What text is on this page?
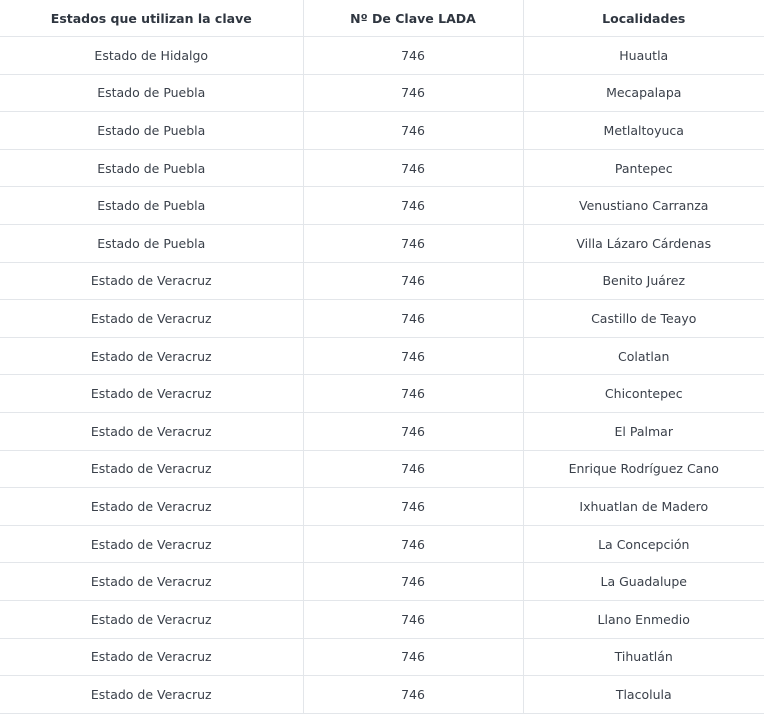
Estados que utilizan la clave	Nº De Clave LADA	Localidades
Estado de Hidalgo	746	Huautla
Estado de Puebla	746	Mecapalapa
Estado de Puebla	746	Metlaltoyuca
Estado de Puebla	746	Pantepec
Estado de Puebla	746	Venustiano Carranza
Estado de Puebla	746	Villa Lázaro Cárdenas
Estado de Veracruz	746	Benito Juárez
Estado de Veracruz	746	Castillo de Teayo
Estado de Veracruz	746	Colatlan
Estado de Veracruz	746	Chicontepec
Estado de Veracruz	746	El Palmar
Estado de Veracruz	746	Enrique Rodríguez Cano
Estado de Veracruz	746	Ixhuatlan de Madero
Estado de Veracruz	746	La Concepción
Estado de Veracruz	746	La Guadalupe
Estado de Veracruz	746	Llano Enmedio
Estado de Veracruz	746	Tihuatlán
Estado de Veracruz	746	Tlacolula
